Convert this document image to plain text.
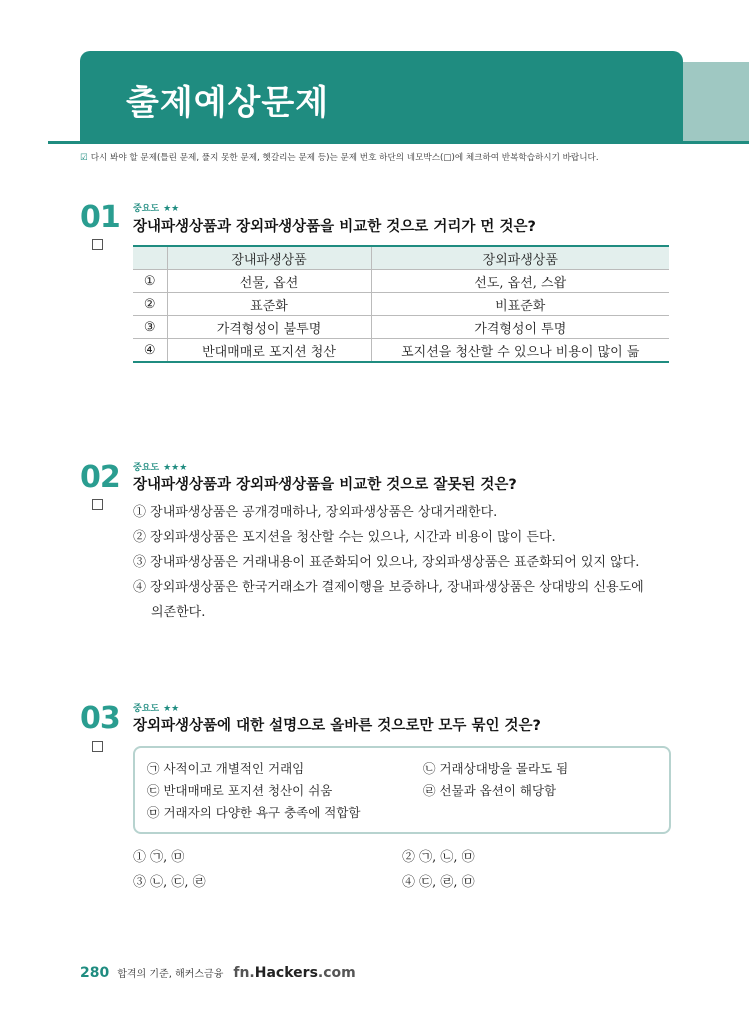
출제예상문제
☑ 다시 봐야 할 문제(틀린 문제, 풀지 못한 문제, 헷갈리는 문제 등)는 문제 번호 하단의 네모박스(□)에 체크하여 반복학습하시기 바랍니다.
01 중요도 ★★
장내파생상품과 장외파생상품을 비교한 것으로 거리가 먼 것은?
	장내파생상품	장외파생상품
①	선물, 옵션	선도, 옵션, 스왑
②	표준화	비표준화
③	가격형성이 불투명	가격형성이 투명
④	반대매매로 포지션 청산	포지션을 청산할 수 있으나 비용이 많이 듦
02 중요도 ★★★
장내파생상품과 장외파생상품을 비교한 것으로 잘못된 것은?
① 장내파생상품은 공개경매하나, 장외파생상품은 상대거래한다.
② 장외파생상품은 포지션을 청산할 수는 있으나, 시간과 비용이 많이 든다.
③ 장내파생상품은 거래내용이 표준화되어 있으나, 장외파생상품은 표준화되어 있지 않다.
④ 장외파생상품은 한국거래소가 결제이행을 보증하나, 장내파생상품은 상대방의 신용도에
의존한다.
03 중요도 ★★
장외파생상품에 대한 설명으로 올바른 것으로만 모두 묶인 것은?
㉠ 사적이고 개별적인 거래임	㉡ 거래상대방을 몰라도 됨
㉢ 반대매매로 포지션 청산이 쉬움	㉣ 선물과 옵션이 해당함
㉤ 거래자의 다양한 욕구 충족에 적합함
① ㉠, ㉤	② ㉠, ㉡, ㉤
③ ㉡, ㉢, ㉣	④ ㉢, ㉣, ㉤
280 합격의 기준, 해커스금융 fn.Hackers.com
